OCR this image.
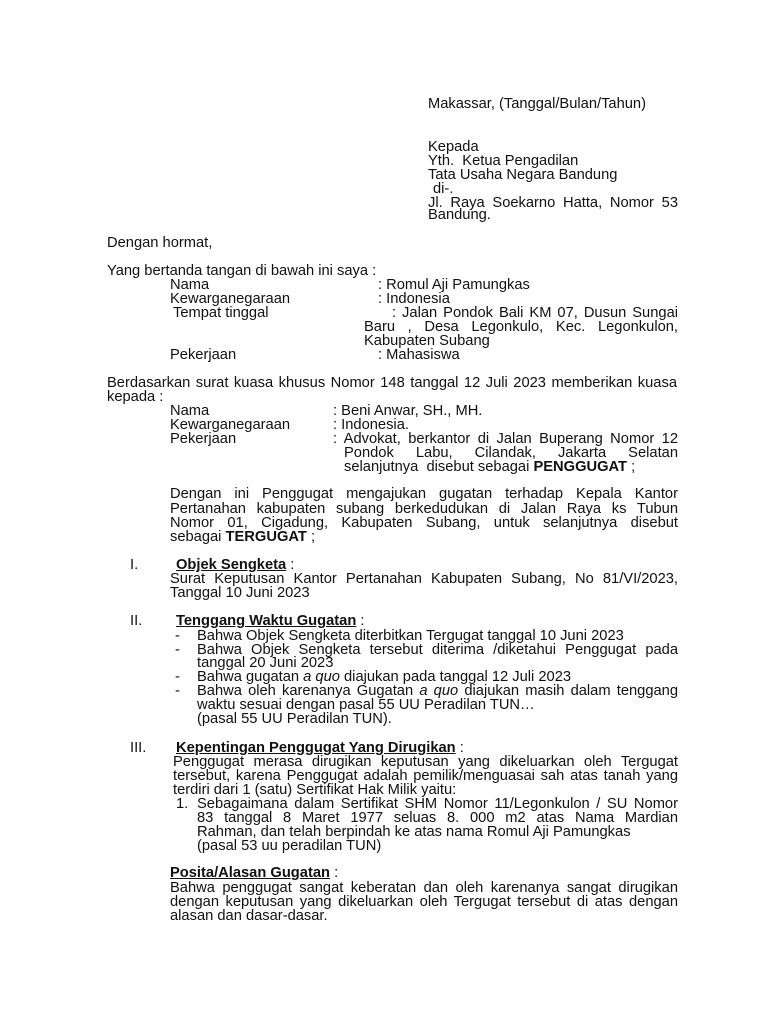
Makassar, (Tanggal/Bulan/Tahun)
Kepada
Yth.  Ketua Pengadilan
Tata Usaha Negara Bandung
di-.
Jl. Raya Soekarno Hatta, Nomor 53
Bandung.
Dengan hormat,
Yang bertanda tangan di bawah ini saya :
Nama	: Romul Aji Pamungkas
Kewarganegaraan	: Indonesia
Tempat tinggal	: Jalan Pondok Bali KM 07, Dusun Sungai
Baru , Desa Legonkulo, Kec. Legonkulon,
Kabupaten Subang
Pekerjaan	: Mahasiswa
Berdasarkan surat kuasa khusus Nomor 148 tanggal 12 Juli 2023 memberikan kuasa
kepada :
Nama	: Beni Anwar, SH., MH.
Kewarganegaraan	: Indonesia.
Pekerjaan	: Advokat, berkantor di Jalan Buperang Nomor 12
Pondok Labu, Cilandak, Jakarta Selatan
selanjutnya  disebut sebagai PENGGUGAT ;
Dengan ini Penggugat mengajukan gugatan terhadap Kepala Kantor
Pertanahan kabupaten subang berkedudukan di Jalan Raya ks Tubun
Nomor 01, Cigadung, Kabupaten Subang, untuk selanjutnya disebut
sebagai TERGUGAT ;
I.	Objek Sengketa :
Surat Keputusan Kantor Pertanahan Kabupaten Subang, No 81/VI/2023,
Tanggal 10 Juni 2023
II. Tenggang Waktu Gugatan :
- Bahwa Objek Sengketa diterbitkan Tergugat tanggal 10 Juni 2023
- Bahwa Objek Sengketa tersebut diterima /diketahui Penggugat pada
tanggal 20 Juni 2023
- Bahwa gugatan a quo diajukan pada tanggal 12 Juli 2023
- Bahwa oleh karenanya Gugatan a quo diajukan masih dalam tenggang
waktu sesuai dengan pasal 55 UU Peradilan TUN…
(pasal 55 UU Peradilan TUN).
III. Kepentingan Penggugat Yang Dirugikan :
Penggugat merasa dirugikan keputusan yang dikeluarkan oleh Tergugat
tersebut, karena Penggugat adalah pemilik/menguasai sah atas tanah yang
terdiri dari 1 (satu) Sertifikat Hak Milik yaitu:
1. Sebagaimana dalam Sertifikat SHM Nomor 11/Legonkulon / SU Nomor
83 tanggal 8 Maret 1977 seluas 8. 000 m2 atas Nama Mardian
Rahman, dan telah berpindah ke atas nama Romul Aji Pamungkas
(pasal 53 uu peradilan TUN)
Posita/Alasan Gugatan :
Bahwa penggugat sangat keberatan dan oleh karenanya sangat dirugikan
dengan keputusan yang dikeluarkan oleh Tergugat tersebut di atas dengan
alasan dan dasar-dasar.
